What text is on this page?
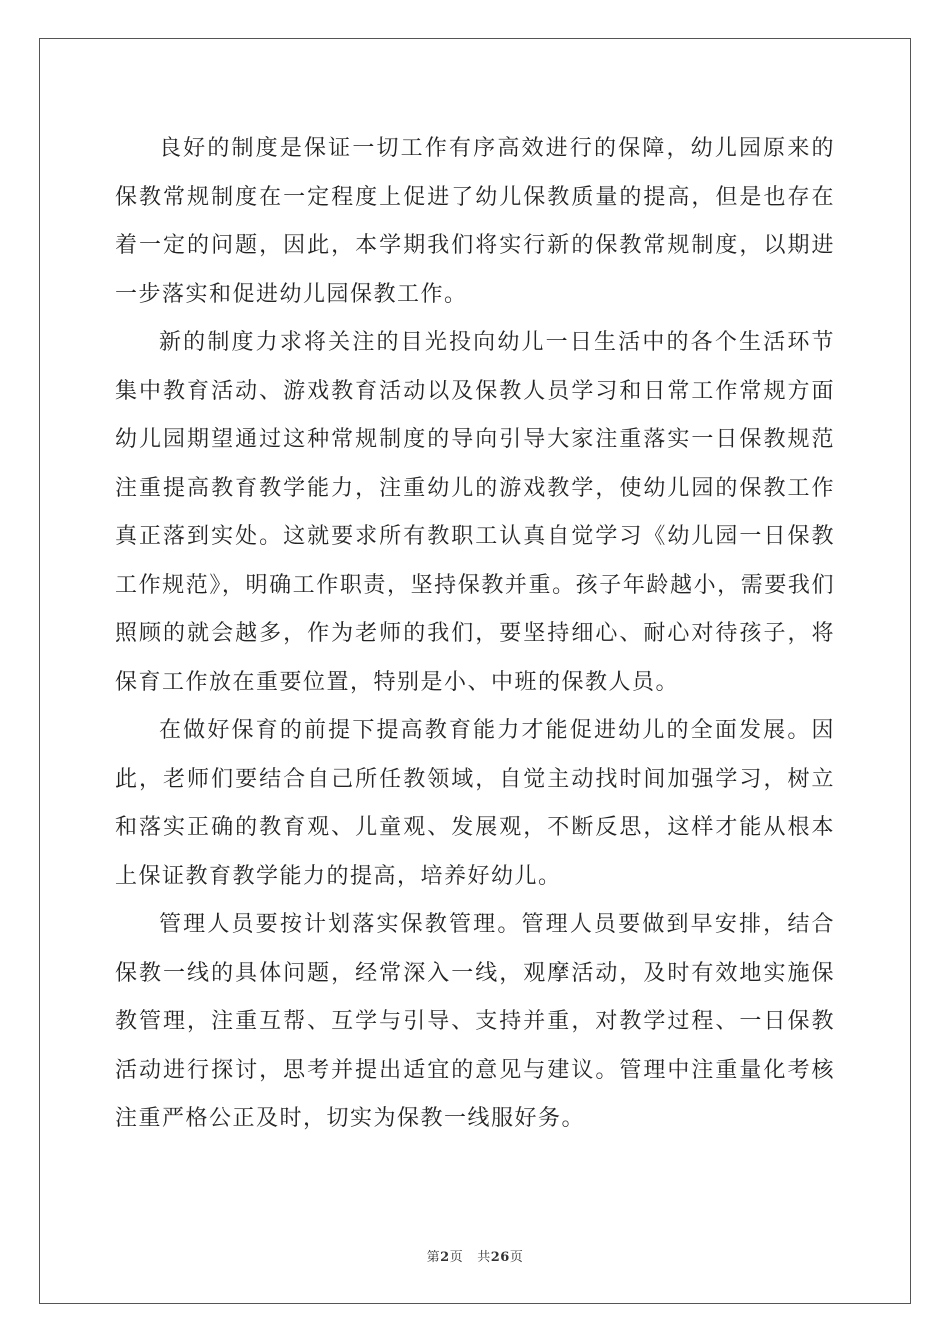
良好的制度是保证一切工作有序高效进行的保障，幼儿园原来的保教常规制度在一定程度上促进了幼儿保教质量的提高，但是也存在着一定的问题，因此，本学期我们将实行新的保教常规制度，以期进一步落实和促进幼儿园保教工作。

新的制度力求将关注的目光投向幼儿一日生活中的各个生活环节集中教育活动、游戏教育活动以及保教人员学习和日常工作常规方面幼儿园期望通过这种常规制度的导向引导大家注重落实一日保教规范注重提高教育教学能力，注重幼儿的游戏教学，使幼儿园的保教工作真正落到实处。这就要求所有教职工认真自觉学习《幼儿园一日保教工作规范》，明确工作职责，坚持保教并重。孩子年龄越小，需要我们照顾的就会越多，作为老师的我们，要坚持细心、耐心对待孩子，将保育工作放在重要位置，特别是小、中班的保教人员。

在做好保育的前提下提高教育能力才能促进幼儿的全面发展。因此，老师们要结合自己所任教领域，自觉主动找时间加强学习，树立和落实正确的教育观、儿童观、发展观，不断反思，这样才能从根本上保证教育教学能力的提高，培养好幼儿。

管理人员要按计划落实保教管理。管理人员要做到早安排，结合保教一线的具体问题，经常深入一线，观摩活动，及时有效地实施保教管理，注重互帮、互学与引导、支持并重，对教学过程、一日保教活动进行探讨，思考并提出适宜的意见与建议。管理中注重量化考核注重严格公正及时，切实为保教一线服好务。

第2页 共26页
